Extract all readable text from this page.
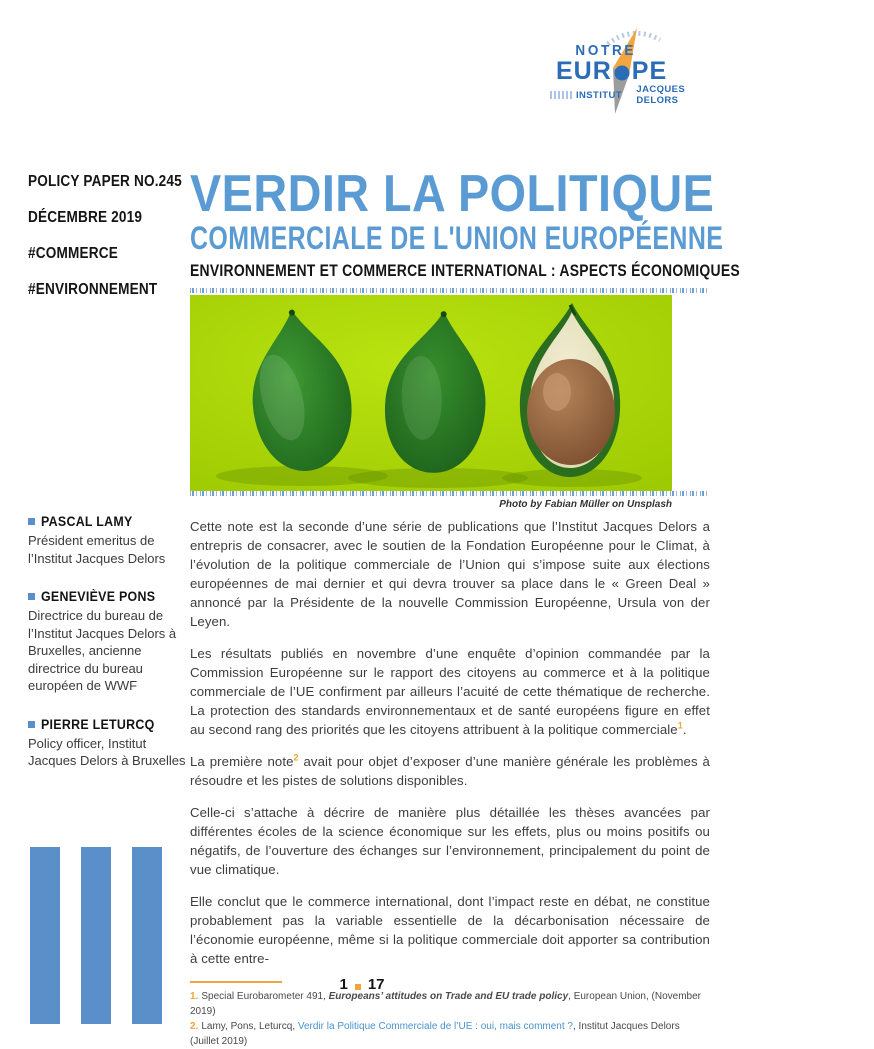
NOTRE
EUR PE
INSTITUT JACQUES DELORS
POLICY PAPER NO.245
DÉCEMBRE 2019
#COMMERCE
#ENVIRONNEMENT
PASCAL LAMY
Président emeritus de l’Institut Jacques Delors
GENEVIÈVE PONS
Directrice du bureau de l’Institut Jacques Delors à Bruxelles, ancienne directrice du bureau européen de WWF
PIERRE LETURCQ
Policy officer, Institut Jacques Delors à Bruxelles
VERDIR LA POLITIQUE
COMMERCIALE DE L'UNION EUROPÉENNE
ENVIRONNEMENT ET COMMERCE INTERNATIONAL : ASPECTS ÉCONOMIQUES
Photo by Fabian Müller on Unsplash

Cette note est la seconde d’une série de publications que l’Institut Jacques Delors a entrepris de consacrer, avec le soutien de la Fondation Européenne pour le Climat, à l’évolution de la politique commerciale de l’Union qui s’impose suite aux élections européennes de mai dernier et qui devra trouver sa place dans le « Green Deal » annoncé par la Présidente de la nouvelle Commission Européenne, Ursula von der Leyen.

Les résultats publiés en novembre d’une enquête d’opinion commandée par la Commission Européenne sur le rapport des citoyens au commerce et à la politique commerciale de l’UE confirment par ailleurs l’acuité de cette thématique de recherche. La protection des standards environnementaux et de santé européens figure en effet au second rang des priorités que les citoyens attribuent à la politique commerciale$^1$.

La première note$^2$ avait pour objet d’exposer d’une manière générale les problèmes à résoudre et les pistes de solutions disponibles.

Celle-ci s’attache à décrire de manière plus détaillée les thèses avancées par différentes écoles de la science économique sur les effets, plus ou moins positifs ou négatifs, de l’ouverture des échanges sur l’environnement, principalement du point de vue climatique.

Elle conclut que le commerce international, dont l’impact reste en débat, ne constitue probablement pas la variable essentielle de la décarbonisation nécessaire de l’économie européenne, même si la politique commerciale doit apporter sa contribution à cette entre-

1. Special Eurobarometer 491, Europeans’ attitudes on Trade and EU trade policy, European Union, (November 2019)
2. Lamy, Pons, Leturcq, Verdir la Politique Commerciale de l’UE : oui, mais comment ?, Institut Jacques Delors (Juillet 2019)
1 17
